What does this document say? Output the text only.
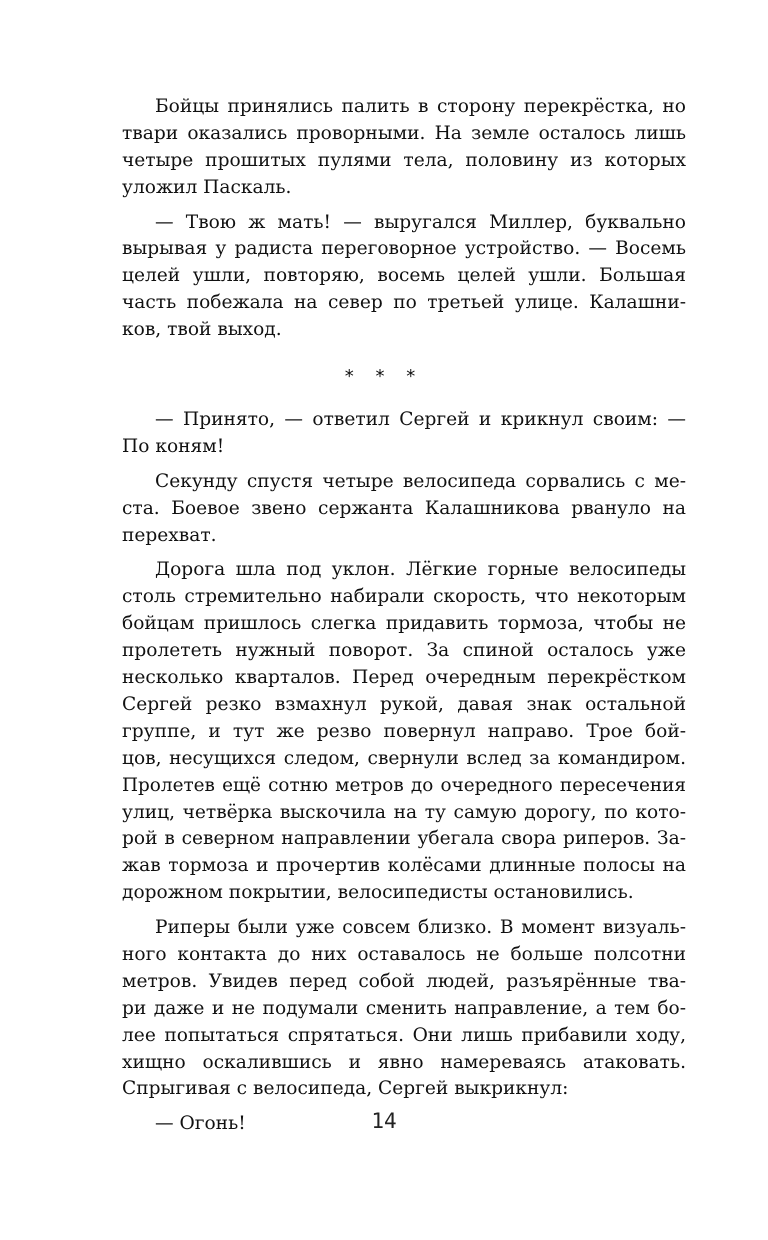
Бойцы принялись палить в сторону перекрёстка, но
твари оказались проворными. На земле осталось лишь
четыре прошитых пулями тела, половину из которых
уложил Паскаль.

— Твою ж мать! — выругался Миллер, буквально
вырывая у радиста переговорное устройство. — Восемь
целей ушли, повторяю, восемь целей ушли. Большая
часть побежала на север по третьей улице. Калашни-
ков, твой выход.

* * *

— Принято, — ответил Сергей и крикнул своим: —
По коням!

Секунду спустя четыре велосипеда сорвались с ме-
ста. Боевое звено сержанта Калашникова рвануло на
перехват.

Дорога шла под уклон. Лёгкие горные велосипеды
столь стремительно набирали скорость, что некоторым
бойцам пришлось слегка придавить тормоза, чтобы не
пролететь нужный поворот. За спиной осталось уже
несколько кварталов. Перед очередным перекрёстком
Сергей резко взмахнул рукой, давая знак остальной
группе, и тут же резво повернул направо. Трое бой-
цов, несущихся следом, свернули вслед за командиром.
Пролетев ещё сотню метров до очередного пересечения
улиц, четвёрка выскочила на ту самую дорогу, по кото-
рой в северном направлении убегала свора риперов. За-
жав тормоза и прочертив колёсами длинные полосы на
дорожном покрытии, велосипедисты остановились.

Риперы были уже совсем близко. В момент визуаль-
ного контакта до них оставалось не больше полсотни
метров. Увидев перед собой людей, разъярённые тва-
ри даже и не подумали сменить направление, а тем бо-
лее попытаться спрятаться. Они лишь прибавили ходу,
хищно оскалившись и явно намереваясь атаковать.
Спрыгивая с велосипеда, Сергей выкрикнул:

— Огонь!	14
